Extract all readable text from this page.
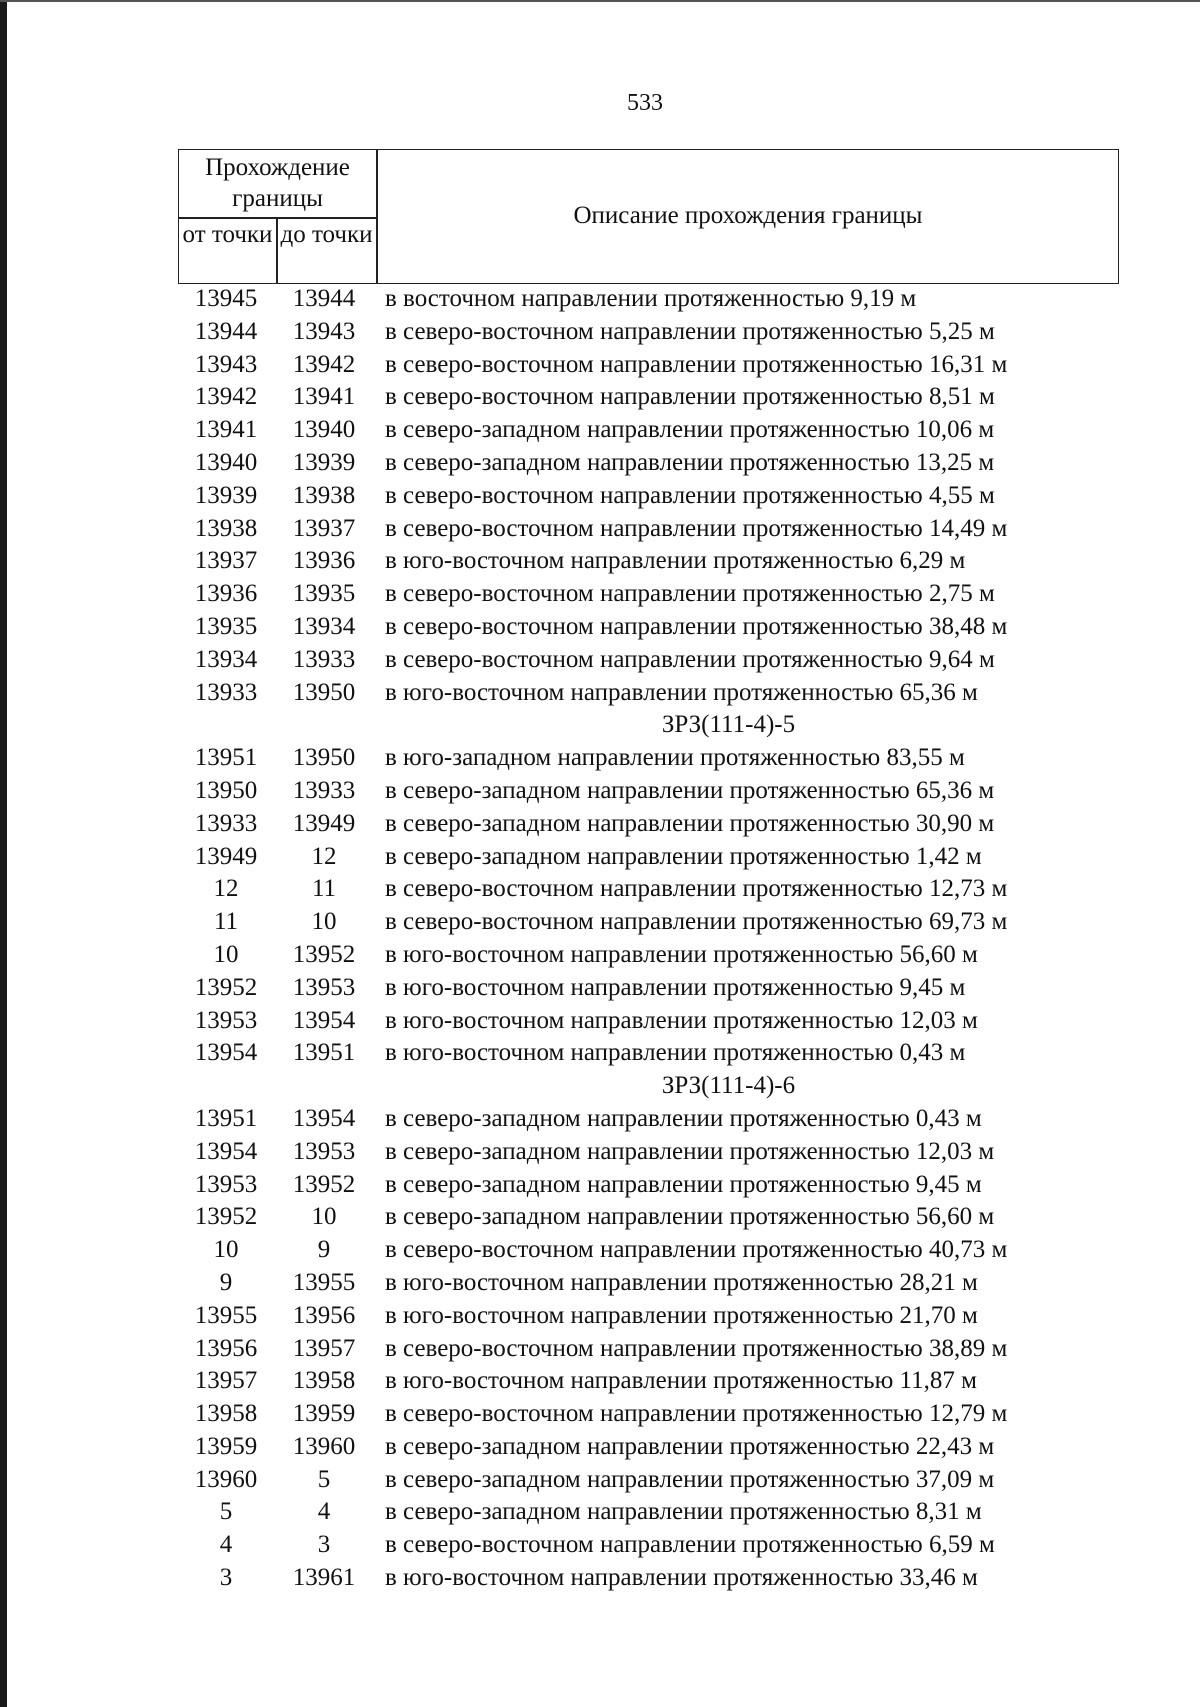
533
Прохождение границы
от точки до точки
Описание прохождения границы
13945	13944	в восточном направлении протяженностью 9,19 м
13944	13943	в северо-восточном направлении протяженностью 5,25 м
13943	13942	в северо-восточном направлении протяженностью 16,31 м
13942	13941	в северо-восточном направлении протяженностью 8,51 м
13941	13940	в северо-западном направлении протяженностью 10,06 м
13940	13939	в северо-западном направлении протяженностью 13,25 м
13939	13938	в северо-восточном направлении протяженностью 4,55 м
13938	13937	в северо-восточном направлении протяженностью 14,49 м
13937	13936	в юго-восточном направлении протяженностью 6,29 м
13936	13935	в северо-восточном направлении протяженностью 2,75 м
13935	13934	в северо-восточном направлении протяженностью 38,48 м
13934	13933	в северо-восточном направлении протяженностью 9,64 м
13933	13950	в юго-восточном направлении протяженностью 65,36 м
ЗРЗ(111-4)-5
13951	13950	в юго-западном направлении протяженностью 83,55 м
13950	13933	в северо-западном направлении протяженностью 65,36 м
13933	13949	в северо-западном направлении протяженностью 30,90 м
13949	12	в северо-западном направлении протяженностью 1,42 м
12	11	в северо-восточном направлении протяженностью 12,73 м
11	10	в северо-восточном направлении протяженностью 69,73 м
10	13952	в юго-восточном направлении протяженностью 56,60 м
13952	13953	в юго-восточном направлении протяженностью 9,45 м
13953	13954	в юго-восточном направлении протяженностью 12,03 м
13954	13951	в юго-восточном направлении протяженностью 0,43 м
ЗРЗ(111-4)-6
13951	13954	в северо-западном направлении протяженностью 0,43 м
13954	13953	в северо-западном направлении протяженностью 12,03 м
13953	13952	в северо-западном направлении протяженностью 9,45 м
13952	10	в северо-западном направлении протяженностью 56,60 м
10	9	в северо-восточном направлении протяженностью 40,73 м
9	13955	в юго-восточном направлении протяженностью 28,21 м
13955	13956	в юго-восточном направлении протяженностью 21,70 м
13956	13957	в северо-восточном направлении протяженностью 38,89 м
13957	13958	в юго-восточном направлении протяженностью 11,87 м
13958	13959	в северо-восточном направлении протяженностью 12,79 м
13959	13960	в северо-западном направлении протяженностью 22,43 м
13960	5	в северо-западном направлении протяженностью 37,09 м
5	4	в северо-западном направлении протяженностью 8,31 м
4	3	в северо-восточном направлении протяженностью 6,59 м
3	13961	в юго-восточном направлении протяженностью 33,46 м
